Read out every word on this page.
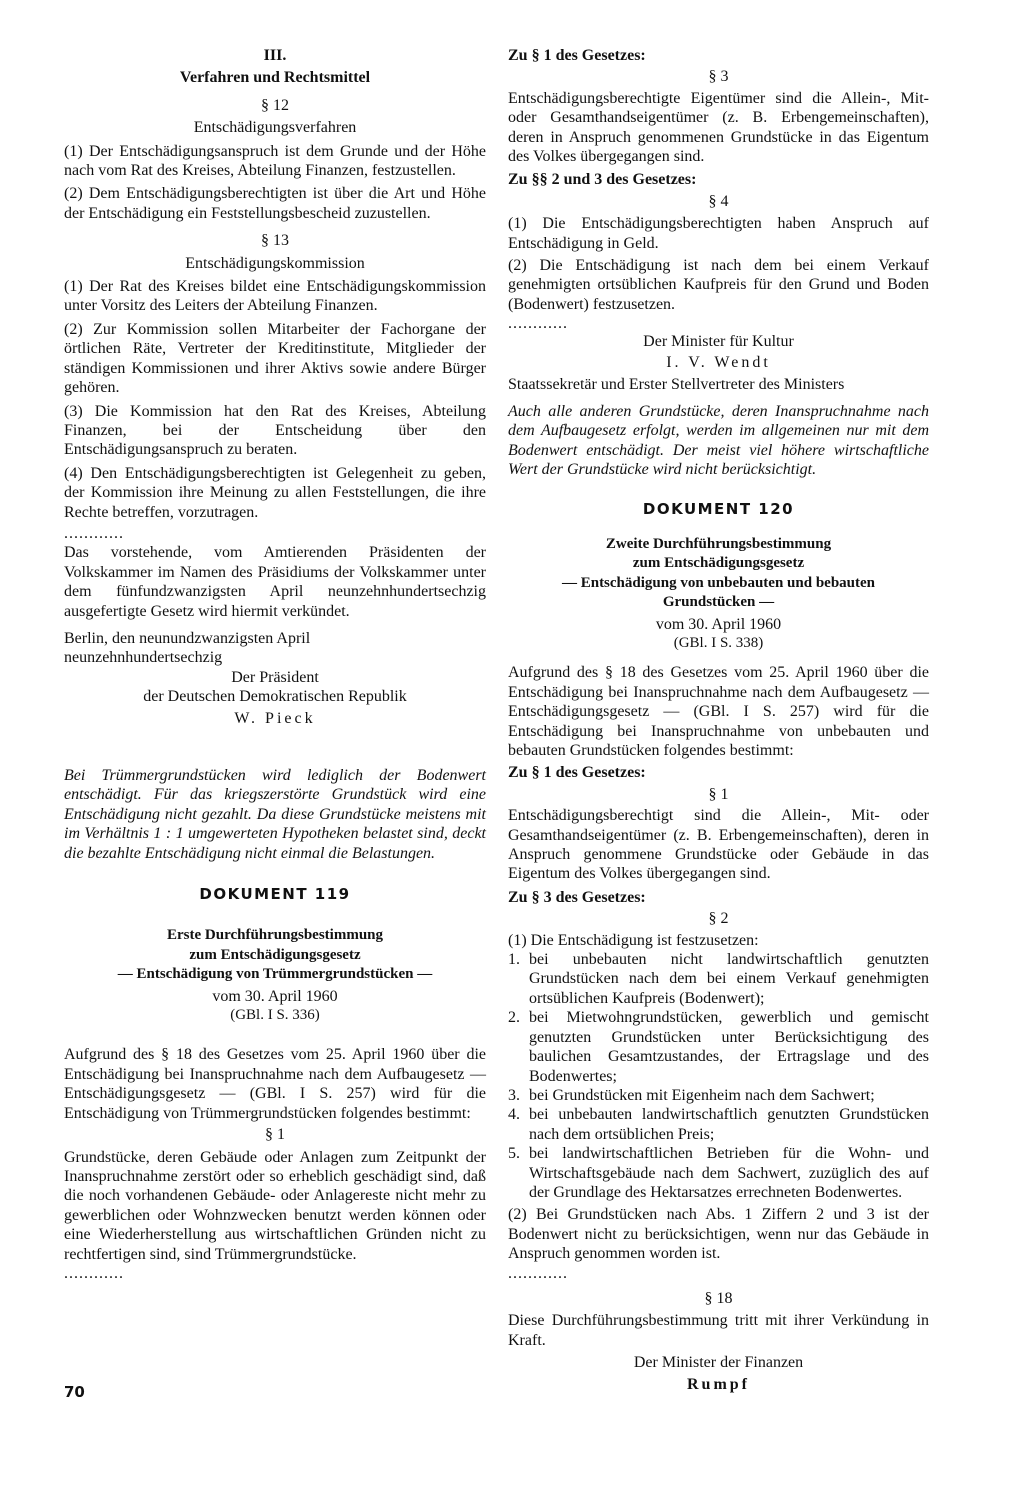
III.

Verfahren und Rechtsmittel

§ 12

Entschädigungsverfahren

(1) Der Entschädigungsanspruch ist dem Grunde und der Höhe nach vom Rat des Kreises, Abteilung Finanzen, festzustellen.

(2) Dem Entschädigungsberechtigten ist über die Art und Höhe der Entschädigung ein Feststellungsbescheid zuzustellen.

§ 13

Entschädigungskommission

(1) Der Rat des Kreises bildet eine Entschädigungskommission unter Vorsitz des Leiters der Abteilung Finanzen.

(2) Zur Kommission sollen Mitarbeiter der Fachorgane der örtlichen Räte, Vertreter der Kreditinstitute, Mitglieder der ständigen Kommissionen und ihrer Aktivs sowie andere Bürger gehören.

(3) Die Kommission hat den Rat des Kreises, Abteilung Finanzen, bei der Entscheidung über den Entschädigungsanspruch zu beraten.

(4) Den Entschädigungsberechtigten ist Gelegenheit zu geben, der Kommission ihre Meinung zu allen Feststellungen, die ihre Rechte betreffen, vorzutragen.

............

Das vorstehende, vom Amtierenden Präsidenten der Volkskammer im Namen des Präsidiums der Volkskammer unter dem fünfundzwanzigsten April neunzehnhundertsechzig ausgefertigte Gesetz wird hiermit verkündet.

Berlin, den neunundzwanzigsten April

neunzehnhundertsechzig

Der Präsident

der Deutschen Demokratischen Republik

W. Pieck

Bei Trümmergrundstücken wird lediglich der Bodenwert entschädigt. Für das kriegszerstörte Grundstück wird eine Entschädigung nicht gezahlt. Da diese Grundstücke meistens mit im Verhältnis 1 : 1 umgewerteten Hypotheken belastet sind, deckt die bezahlte Entschädigung nicht einmal die Belastungen.

DOKUMENT 119

Erste Durchführungsbestimmung

zum Entschädigungsgesetz

— Entschädigung von Trümmergrundstücken —

vom 30. April 1960

(GBl. I S. 336)

Aufgrund des § 18 des Gesetzes vom 25. April 1960 über die Entschädigung bei Inanspruchnahme nach dem Aufbaugesetz — Entschädigungsgesetz — (GBl. I S. 257) wird für die Entschädigung von Trümmergrundstücken folgendes bestimmt:

§ 1

Grundstücke, deren Gebäude oder Anlagen zum Zeitpunkt der Inanspruchnahme zerstört oder so erheblich geschädigt sind, daß die noch vorhandenen Gebäude- oder Anlagereste nicht mehr zu gewerblichen oder Wohnzwecken benutzt werden können oder eine Wiederherstellung aus wirtschaftlichen Gründen nicht zu rechtfertigen sind, sind Trümmergrundstücke.

............

70

Zu § 1 des Gesetzes:

§ 3

Entschädigungsberechtigte Eigentümer sind die Allein-, Mit- oder Gesamthandseigentümer (z. B. Erbengemeinschaften), deren in Anspruch genommenen Grundstücke in das Eigentum des Volkes übergegangen sind.

Zu §§ 2 und 3 des Gesetzes:

§ 4

(1) Die Entschädigungsberechtigten haben Anspruch auf Entschädigung in Geld.

(2) Die Entschädigung ist nach dem bei einem Verkauf genehmigten ortsüblichen Kaufpreis für den Grund und Boden (Bodenwert) festzusetzen.

............

Der Minister für Kultur

I. V. Wendt

Staatssekretär und Erster Stellvertreter des Ministers

Auch alle anderen Grundstücke, deren Inanspruchnahme nach dem Aufbaugesetz erfolgt, werden im allgemeinen nur mit dem Bodenwert entschädigt. Der meist viel höhere wirtschaftliche Wert der Grundstücke wird nicht berücksichtigt.

DOKUMENT 120

Zweite Durchführungsbestimmung

zum Entschädigungsgesetz

— Entschädigung von unbebauten und bebauten

Grundstücken —

vom 30. April 1960

(GBl. I S. 338)

Aufgrund des § 18 des Gesetzes vom 25. April 1960 über die Entschädigung bei Inanspruchnahme nach dem Aufbaugesetz — Entschädigungsgesetz — (GBl. I S. 257) wird für die Entschädigung bei Inanspruchnahme von unbebauten und bebauten Grundstücken folgendes bestimmt:

Zu § 1 des Gesetzes:

§ 1

Entschädigungsberechtigt sind die Allein-, Mit- oder Gesamthandseigentümer (z. B. Erbengemeinschaften), deren in Anspruch genommene Grundstücke oder Gebäude in das Eigentum des Volkes übergegangen sind.

Zu § 3 des Gesetzes:

§ 2

(1) Die Entschädigung ist festzusetzen:

1. bei unbebauten nicht landwirtschaftlich genutzten Grundstücken nach dem bei einem Verkauf genehmigten ortsüblichen Kaufpreis (Bodenwert);
2. bei Mietwohngrundstücken, gewerblich und gemischt genutzten Grundstücken unter Berücksichtigung des baulichen Gesamtzustandes, der Ertragslage und des Bodenwertes;
3. bei Grundstücken mit Eigenheim nach dem Sachwert;
4. bei unbebauten landwirtschaftlich genutzten Grundstücken nach dem ortsüblichen Preis;
5. bei landwirtschaftlichen Betrieben für die Wohn- und Wirtschaftsgebäude nach dem Sachwert, zuzüglich des auf der Grundlage des Hektarsatzes errechneten Bodenwertes.

(2) Bei Grundstücken nach Abs. 1 Ziffern 2 und 3 ist der Bodenwert nicht zu berücksichtigen, wenn nur das Gebäude in Anspruch genommen worden ist.

............

§ 18

Diese Durchführungsbestimmung tritt mit ihrer Verkündung in Kraft.

Der Minister der Finanzen

Rumpf
